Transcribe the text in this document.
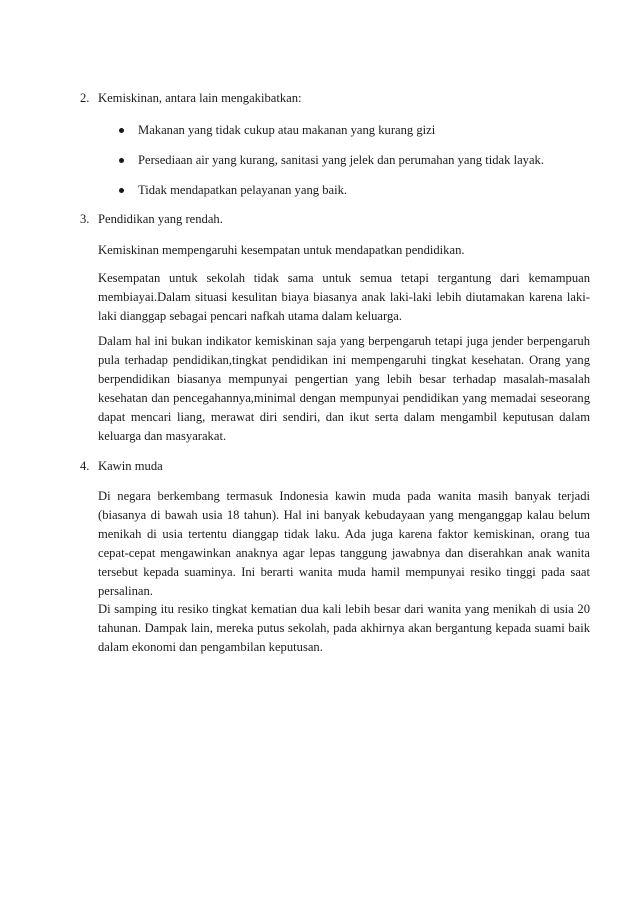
2. Kemiskinan, antara lain mengakibatkan:
Makanan yang tidak cukup atau makanan yang kurang gizi
Persediaan air yang kurang, sanitasi yang jelek dan perumahan yang tidak layak.
Tidak mendapatkan pelayanan yang baik.
3. Pendidikan yang rendah.

Kemiskinan mempengaruhi kesempatan untuk mendapatkan pendidikan.

Kesempatan untuk sekolah tidak sama untuk semua tetapi tergantung dari kemampuan membiayai.Dalam situasi kesulitan biaya biasanya anak laki-laki lebih diutamakan karena laki-laki dianggap sebagai pencari nafkah utama dalam keluarga.

Dalam hal ini bukan indikator kemiskinan saja yang berpengaruh tetapi juga jender berpengaruh pula terhadap pendidikan,tingkat pendidikan ini mempengaruhi tingkat kesehatan. Orang yang berpendidikan biasanya mempunyai pengertian yang lebih besar terhadap masalah-masalah kesehatan dan pencegahannya,minimal dengan mempunyai pendidikan yang memadai seseorang dapat mencari liang, merawat diri sendiri, dan ikut serta dalam mengambil keputusan dalam keluarga dan masyarakat.

4. Kawin muda

Di negara berkembang termasuk Indonesia kawin muda pada wanita masih banyak terjadi (biasanya di bawah usia 18 tahun). Hal ini banyak kebudayaan yang menganggap kalau belum menikah di usia tertentu dianggap tidak laku. Ada juga karena faktor kemiskinan, orang tua cepat-cepat mengawinkan anaknya agar lepas tanggung jawabnya dan diserahkan anak wanita tersebut kepada suaminya. Ini berarti wanita muda hamil mempunyai resiko tinggi pada saat persalinan.

Di samping itu resiko tingkat kematian dua kali lebih besar dari wanita yang menikah di usia 20 tahunan. Dampak lain, mereka putus sekolah, pada akhirnya akan bergantung kepada suami baik dalam ekonomi dan pengambilan keputusan.
